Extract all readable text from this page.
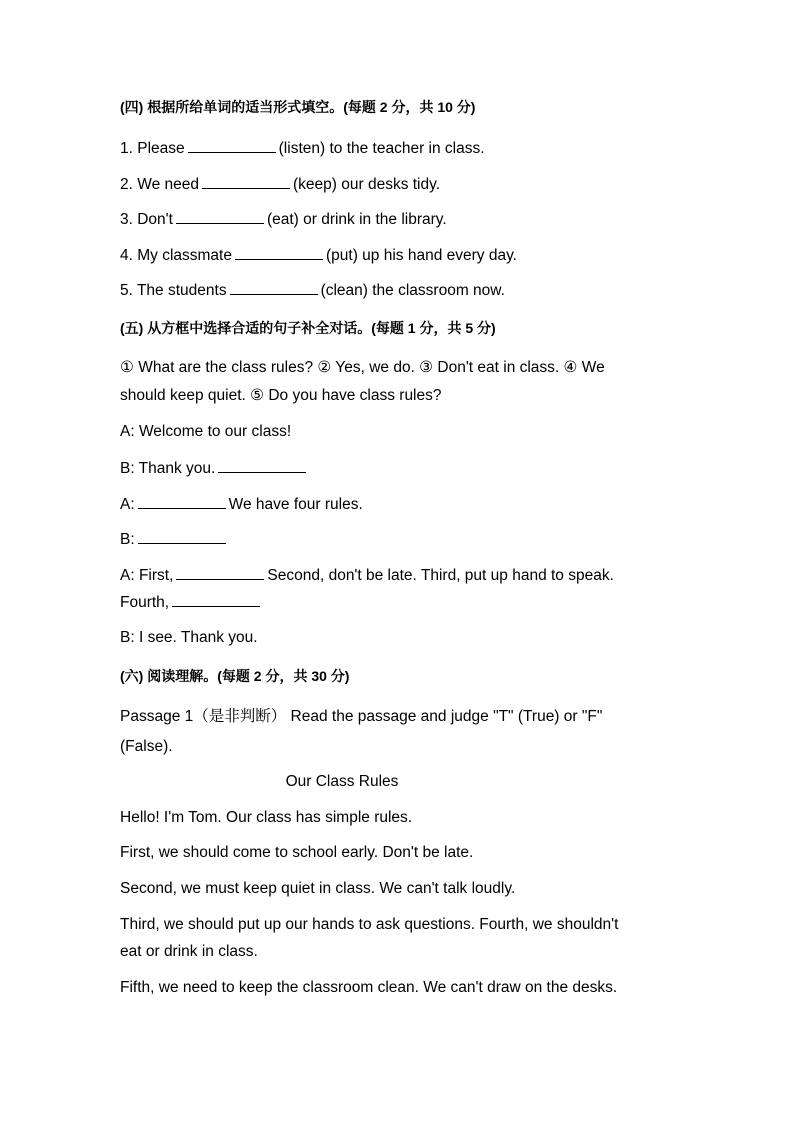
(四) 根据所给单词的适当形式填空。(每题 2 分，共 10 分)
1. Please	(listen) to the teacher in class.
2. We need	(keep) our desks tidy.
3. Don't	(eat) or drink in the library.
4. My classmate	(put) up his hand every day.
5. The students	(clean) the classroom now.
(五) 从方框中选择合适的句子补全对话。(每题 1 分，共 5 分)
① What are the class rules? ② Yes, we do. ③ Don't eat in class. ④ We
should keep quiet. ⑤ Do you have class rules?
A: Welcome to our class!
B: Thank you.
A:	We have four rules.
B:
A: First,	Second, don't be late. Third, put up hand to speak.
Fourth,
B: I see. Thank you.
(六) 阅读理解。(每题 2 分，共 30 分)
Passage 1（是非判断） Read the passage and judge "T" (True) or "F"
(False).
Our Class Rules
Hello! I'm Tom. Our class has simple rules.
First, we should come to school early. Don't be late.
Second, we must keep quiet in class. We can't talk loudly.
Third, we should put up our hands to ask questions. Fourth, we shouldn't
eat or drink in class.
Fifth, we need to keep the classroom clean. We can't draw on the desks.
